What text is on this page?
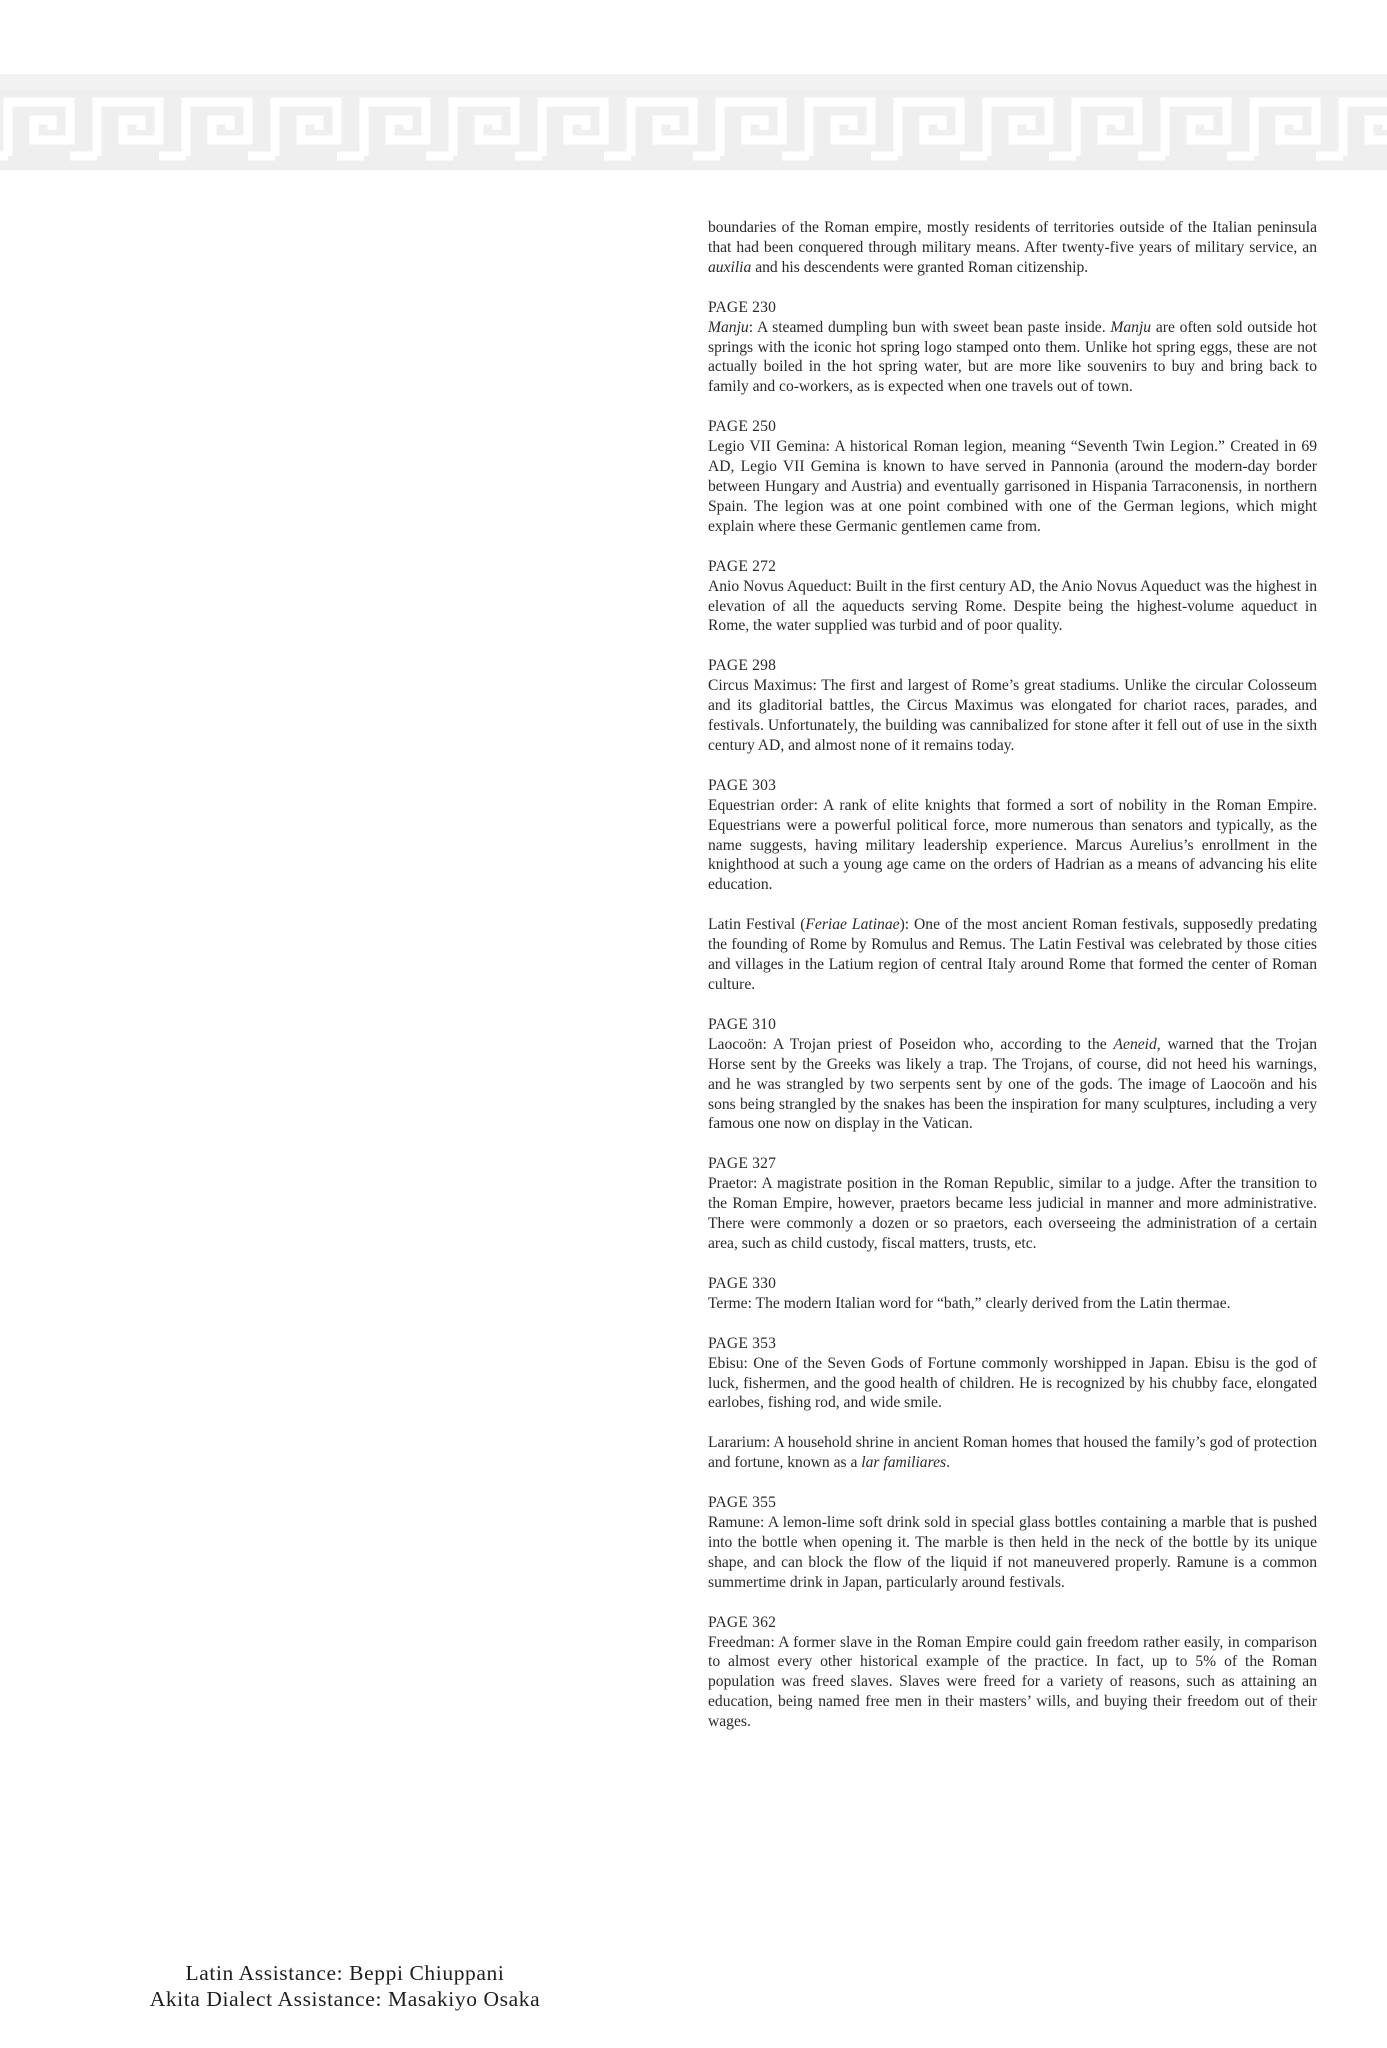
boundaries of the Roman empire, mostly residents of territories outside of the Italian peninsula that had been conquered through military means. After twenty-five years of military service, an auxilia and his descendents were granted Roman citizenship.

PAGE 230

Manju: A steamed dumpling bun with sweet bean paste inside. Manju are often sold outside hot springs with the iconic hot spring logo stamped onto them. Unlike hot spring eggs, these are not actually boiled in the hot spring water, but are more like souvenirs to buy and bring back to family and co-workers, as is expected when one travels out of town.

PAGE 250

Legio VII Gemina: A historical Roman legion, meaning “Seventh Twin Legion.” Created in 69 AD, Legio VII Gemina is known to have served in Pannonia (around the modern-day border between Hungary and Austria) and eventually garrisoned in Hispania Tarraconensis, in northern Spain. The legion was at one point combined with one of the German legions, which might explain where these Germanic gentlemen came from.

PAGE 272

Anio Novus Aqueduct: Built in the first century AD, the Anio Novus Aqueduct was the highest in elevation of all the aqueducts serving Rome. Despite being the highest-volume aqueduct in Rome, the water supplied was turbid and of poor quality.

PAGE 298

Circus Maximus: The first and largest of Rome’s great stadiums. Unlike the circular Colosseum and its gladitorial battles, the Circus Maximus was elongated for chariot races, parades, and festivals. Unfortunately, the building was cannibalized for stone after it fell out of use in the sixth century AD, and almost none of it remains today.

PAGE 303

Equestrian order: A rank of elite knights that formed a sort of nobility in the Roman Empire. Equestrians were a powerful political force, more numerous than senators and typically, as the name suggests, having military leadership experience. Marcus Aurelius’s enrollment in the knighthood at such a young age came on the orders of Hadrian as a means of advancing his elite education.

Latin Festival (Feriae Latinae): One of the most ancient Roman festivals, supposedly predating the founding of Rome by Romulus and Remus. The Latin Festival was celebrated by those cities and villages in the Latium region of central Italy around Rome that formed the center of Roman culture.

PAGE 310

Laocoön: A Trojan priest of Poseidon who, according to the Aeneid, warned that the Trojan Horse sent by the Greeks was likely a trap. The Trojans, of course, did not heed his warnings, and he was strangled by two serpents sent by one of the gods. The image of Laocoön and his sons being strangled by the snakes has been the inspiration for many sculptures, including a very famous one now on display in the Vatican.

PAGE 327

Praetor: A magistrate position in the Roman Republic, similar to a judge. After the transition to the Roman Empire, however, praetors became less judicial in manner and more administrative. There were commonly a dozen or so praetors, each overseeing the administration of a certain area, such as child custody, fiscal matters, trusts, etc.

PAGE 330

Terme: The modern Italian word for “bath,” clearly derived from the Latin thermae.

PAGE 353

Ebisu: One of the Seven Gods of Fortune commonly worshipped in Japan. Ebisu is the god of luck, fishermen, and the good health of children. He is recognized by his chubby face, elongated earlobes, fishing rod, and wide smile.

Lararium: A household shrine in ancient Roman homes that housed the family’s god of protection and fortune, known as a lar familiares.

PAGE 355

Ramune: A lemon-lime soft drink sold in special glass bottles containing a marble that is pushed into the bottle when opening it. The marble is then held in the neck of the bottle by its unique shape, and can block the flow of the liquid if not maneuvered properly. Ramune is a common summertime drink in Japan, particularly around festivals.

PAGE 362

Freedman: A former slave in the Roman Empire could gain freedom rather easily, in comparison to almost every other historical example of the practice. In fact, up to 5% of the Roman population was freed slaves. Slaves were freed for a variety of reasons, such as attaining an education, being named free men in their masters’ wills, and buying their freedom out of their wages.

Latin Assistance: Beppi Chiuppani
Akita Dialect Assistance: Masakiyo Osaka
